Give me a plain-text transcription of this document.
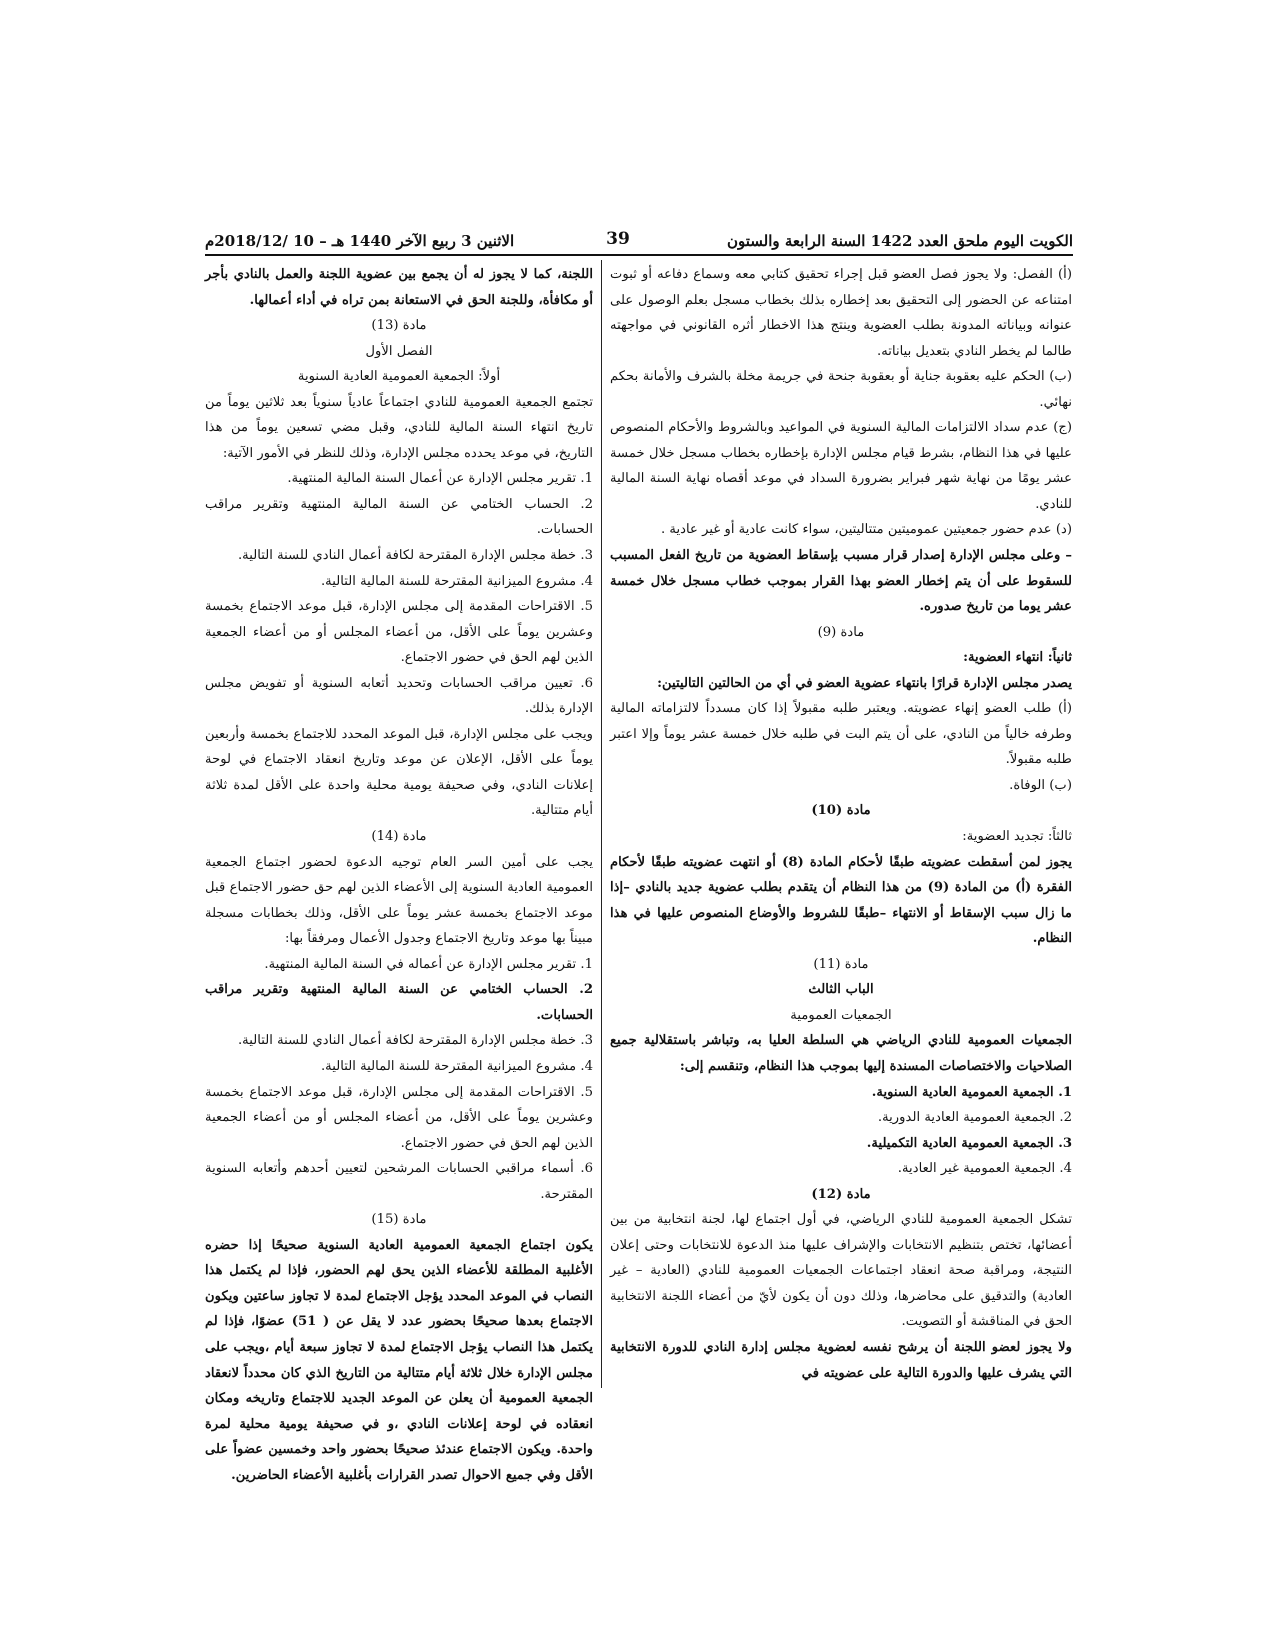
الكويت اليوم ملحق العدد 1422 السنة الرابعة والستون
39
الاثنين 3 ربيع الآخر 1440 هـ – 10 /2018/12م

(أ) الفصل: ولا يجوز فصل العضو قبل إجراء تحقيق كتابي معه وسماع دفاعه أو ثبوت امتناعه عن الحضور إلى التحقيق بعد إخطاره بذلك بخطاب مسجل بعلم الوصول على عنوانه وبياناته المدونة بطلب العضوية وينتج هذا الاخطار أثره القانوني في مواجهته طالما لم يخطر النادي بتعديل بياناته.

(ب) الحكم عليه بعقوبة جناية أو بعقوبة جنحة في جريمة مخلة بالشرف والأمانة بحكم نهائي.

(ج) عدم سداد الالتزامات المالية السنوية في المواعيد وبالشروط والأحكام المنصوص عليها في هذا النظام، بشرط قيام مجلس الإدارة بإخطاره بخطاب مسجل خلال خمسة عشر يومًا من نهاية شهر فبراير بضرورة السداد في موعد أقصاه نهاية السنة المالية للنادي.

(د) عدم حضور جمعيتين عموميتين متتاليتين، سواء كانت عادية أو غير عادية .

– وعلى مجلس الإدارة إصدار قرار مسبب بإسقاط العضوية من تاريخ الفعل المسبب للسقوط على أن يتم إخطار العضو بهذا القرار بموجب خطاب مسجل خلال خمسة عشر يوما من تاريخ صدوره.

مادة (9)

ثانياً: انتهاء العضوية:

يصدر مجلس الإدارة قرارًا بانتهاء عضوية العضو في أي من الحالتين التاليتين:

(أ) طلب العضو إنهاء عضويته. ويعتبر طلبه مقبولاً إذا كان مسدداً لالتزاماته المالية وطرفه خالياً من النادي، على أن يتم البت في طلبه خلال خمسة عشر يوماً وإلا اعتبر طلبه مقبولاً.

(ب) الوفاة.

مادة (10)

ثالثاً: تجديد العضوية:

يجوز لمن أسقطت عضويته طبقًا لأحكام المادة (8) أو انتهت عضويته طبقًا لأحكام الفقرة (أ) من المادة (9) من هذا النظام أن يتقدم بطلب عضوية جديد بالنادي –إذا ما زال سبب الإسقاط أو الانتهاء –طبقًا للشروط والأوضاع المنصوص عليها في هذا النظام.

مادة (11)

الباب الثالث

الجمعيات العمومية

الجمعيات العمومية للنادي الرياضي هي السلطة العليا به، وتباشر باستقلالية جميع الصلاحيات والاختصاصات المسندة إليها بموجب هذا النظام، وتنقسم إلى:

1. الجمعية العمومية العادية السنوية.

2. الجمعية العمومية العادية الدورية.

3. الجمعية العمومية العادية التكميلية.

4. الجمعية العمومية غير العادية.

مادة (12)

تشكل الجمعية العمومية للنادي الرياضي، في أول اجتماع لها، لجنة انتخابية من بين أعضائها، تختص بتنظيم الانتخابات والإشراف عليها منذ الدعوة للانتخابات وحتى إعلان النتيجة، ومراقبة صحة انعقاد اجتماعات الجمعيات العمومية للنادي (العادية – غير العادية) والتدقيق على محاضرها، وذلك دون أن يكون لأيّ من أعضاء اللجنة الانتخابية الحق في المناقشة أو التصويت.

ولا يجوز لعضو اللجنة أن يرشح نفسه لعضوية مجلس إدارة النادي للدورة الانتخابية التي يشرف عليها والدورة التالية على عضويته في

اللجنة، كما لا يجوز له أن يجمع بين عضوية اللجنة والعمل بالنادي بأجر أو مكافأة، وللجنة الحق في الاستعانة بمن تراه في أداء أعمالها.

مادة (13)

الفصل الأول

أولاً: الجمعية العمومية العادية السنوية

تجتمع الجمعية العمومية للنادي اجتماعاً عادياً سنوياً بعد ثلاثين يوماً من تاريخ انتهاء السنة المالية للنادي، وقبل مضي تسعين يوماً من هذا التاريخ، في موعد يحدده مجلس الإدارة، وذلك للنظر في الأمور الآتية:

1. تقرير مجلس الإدارة عن أعمال السنة المالية المنتهية.

2. الحساب الختامي عن السنة المالية المنتهية وتقرير مراقب الحسابات.

3. خطة مجلس الإدارة المقترحة لكافة أعمال النادي للسنة التالية.

4. مشروع الميزانية المقترحة للسنة المالية التالية.

5. الاقتراحات المقدمة إلى مجلس الإدارة، قبل موعد الاجتماع بخمسة وعشرين يوماً على الأقل، من أعضاء المجلس أو من أعضاء الجمعية الذين لهم الحق في حضور الاجتماع.

6. تعيين مراقب الحسابات وتحديد أتعابه السنوية أو تفويض مجلس الإدارة بذلك.

ويجب على مجلس الإدارة، قبل الموعد المحدد للاجتماع بخمسة وأربعين يوماً على الأقل، الإعلان عن موعد وتاريخ انعقاد الاجتماع في لوحة إعلانات النادي، وفي صحيفة يومية محلية واحدة على الأقل لمدة ثلاثة أيام متتالية.

مادة (14)

يجب على أمين السر العام توجيه الدعوة لحضور اجتماع الجمعية العمومية العادية السنوية إلى الأعضاء الذين لهم حق حضور الاجتماع قبل موعد الاجتماع بخمسة عشر يوماً على الأقل، وذلك بخطابات مسجلة مبيناً بها موعد وتاريخ الاجتماع وجدول الأعمال ومرفقاً بها:

1. تقرير مجلس الإدارة عن أعماله في السنة المالية المنتهية.

2. الحساب الختامي عن السنة المالية المنتهية وتقرير مراقب الحسابات.

3. خطة مجلس الإدارة المقترحة لكافة أعمال النادي للسنة التالية.

4. مشروع الميزانية المقترحة للسنة المالية التالية.

5. الاقتراحات المقدمة إلى مجلس الإدارة، قبل موعد الاجتماع بخمسة وعشرين يوماً على الأقل، من أعضاء المجلس أو من أعضاء الجمعية الذين لهم الحق في حضور الاجتماع.

6. أسماء مراقبي الحسابات المرشحين لتعيين أحدهم وأتعابه السنوية المقترحة.

مادة (15)

يكون اجتماع الجمعية العمومية العادية السنوية صحيحًا إذا حضره الأغلبية المطلقة للأعضاء الذين يحق لهم الحضور، فإذا لم يكتمل هذا النصاب في الموعد المحدد يؤجل الاجتماع لمدة لا تجاوز ساعتين ويكون الاجتماع بعدها صحيحًا بحضور عدد لا يقل عن ( 51) عضوًا، فإذا لم يكتمل هذا النصاب يؤجل الاجتماع لمدة لا تجاوز سبعة أيام ،ويجب على مجلس الإدارة خلال ثلاثة أيام متتالية من التاريخ الذي كان محدداً لانعقاد الجمعية العمومية أن يعلن عن الموعد الجديد للاجتماع وتاريخه ومكان انعقاده في لوحة إعلانات النادي ،و في صحيفة يومية محلية لمرة واحدة. ويكون الاجتماع عندئذ صحيحًا بحضور واحد وخمسين عضواً على الأقل وفي جميع الاحوال تصدر القرارات بأغلبية الأعضاء الحاضرين.
